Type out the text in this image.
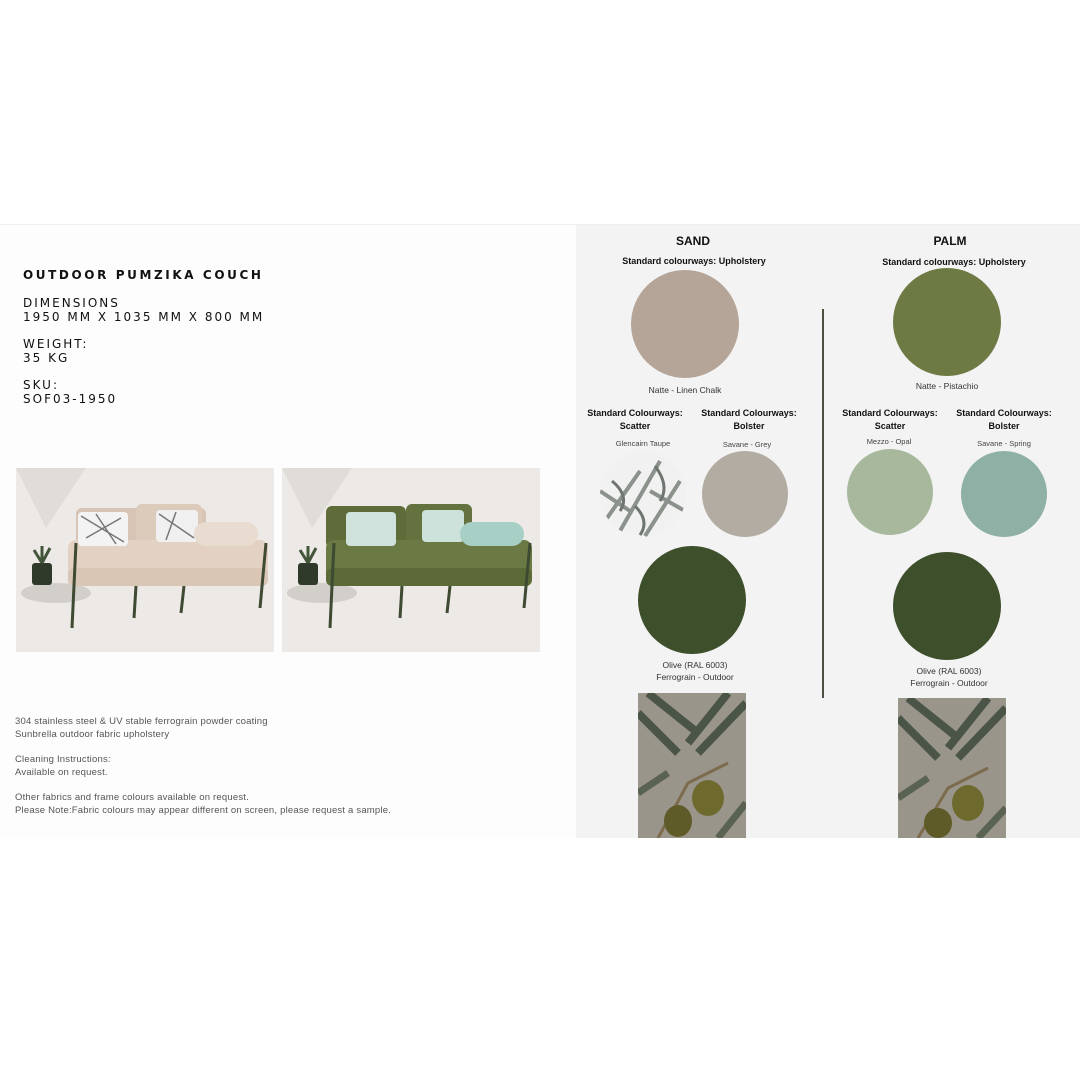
OUTDOOR PUMZIKA COUCH
DIMENSIONS
1950 MM X 1035 MM X 800 MM
WEIGHT:
35 KG
SKU:
SOF03-1950
304 stainless steel & UV stable ferrograin powder coating
Sunbrella outdoor fabric upholstery
Cleaning Instructions:
Available on request.
Other fabrics and frame colours available on request.
Please Note:Fabric colours may appear different on screen, please request a sample.
SAND
Standard colourways: Upholstery
Natte - Linen Chalk
Standard Colourways:
Scatter
Standard Colourways:
Bolster
Glencairn Taupe	Savane - Grey
Olive (RAL 6003)
Ferrograin - Outdoor
PALM
Standard colourways: Upholstery
Natte - Pistachio
Standard Colourways:
Scatter
Standard Colourways:
Bolster
Mezzo - Opal	Savane - Spring
Olive (RAL 6003)
Ferrograin - Outdoor
